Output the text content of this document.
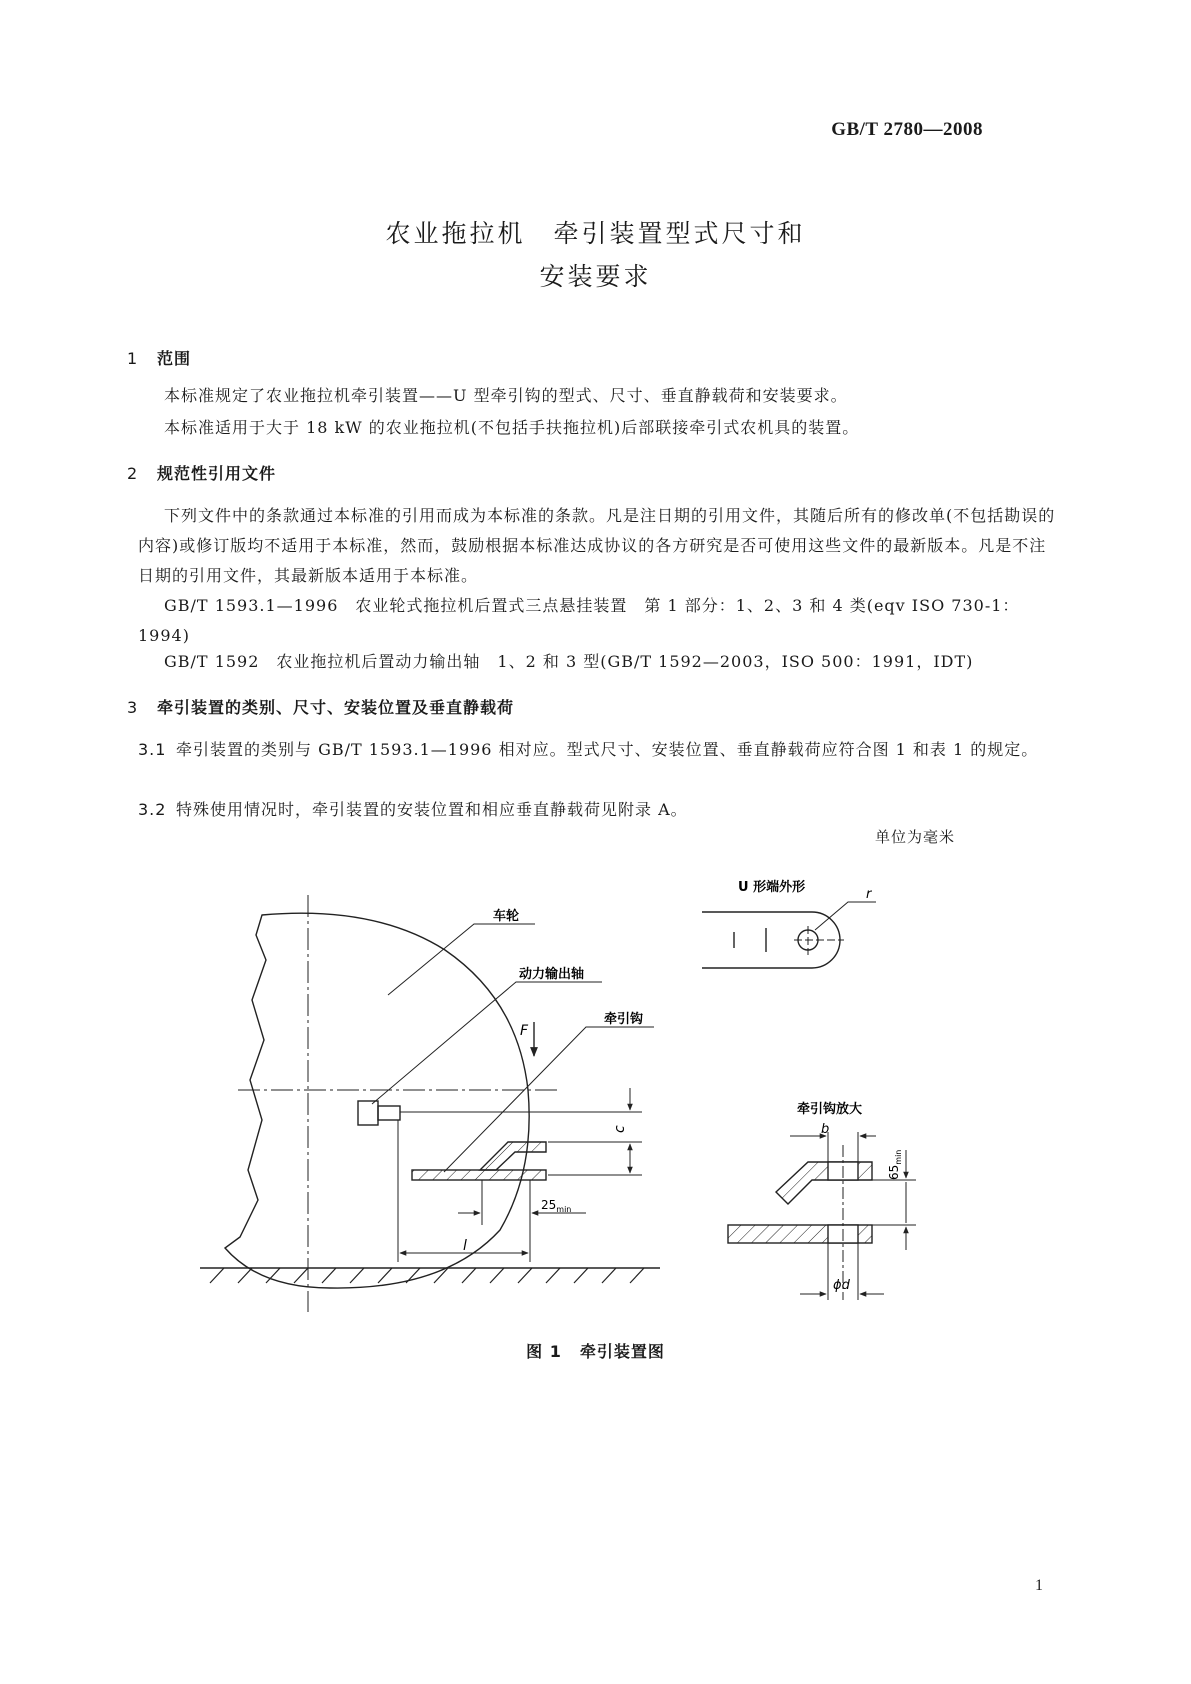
GB/T 2780—2008
农业拖拉机　牵引装置型式尺寸和
安装要求
1 范围
本标准规定了农业拖拉机牵引装置——U 型牵引钩的型式、尺寸、垂直静载荷和安装要求。
本标准适用于大于 18 kW 的农业拖拉机(不包括手扶拖拉机)后部联接牵引式农机具的装置。
2 规范性引用文件
下列文件中的条款通过本标准的引用而成为本标准的条款。凡是注日期的引用文件，其随后所有的修改单(不包括勘误的内容)或修订版均不适用于本标准，然而，鼓励根据本标准达成协议的各方研究是否可使用这些文件的最新版本。凡是不注日期的引用文件，其最新版本适用于本标准。
GB/T 1593.1—1996　农业轮式拖拉机后置式三点悬挂装置　第 1 部分：1、2、3 和 4 类(eqv ISO 730-1：1994)
GB/T 1592　农业拖拉机后置动力输出轴　1、2 和 3 型(GB/T 1592—2003，ISO 500：1991，IDT)
3 牵引装置的类别、尺寸、安装位置及垂直静载荷
3.1 牵引装置的类别与 GB/T 1593.1—1996 相对应。型式尺寸、安装位置、垂直静载荷应符合图 1 和表 1 的规定。
3.2 特殊使用情况时，牵引装置的安装位置和相应垂直静载荷见附录 A。
单位为毫米
车轮
动力输出轴
牵引钩
U 形端外形
牵引钩放大
F
c
l
r
b
ϕd
$25_{min}$
$65_{min}$
图 1 牵引装置图
1
